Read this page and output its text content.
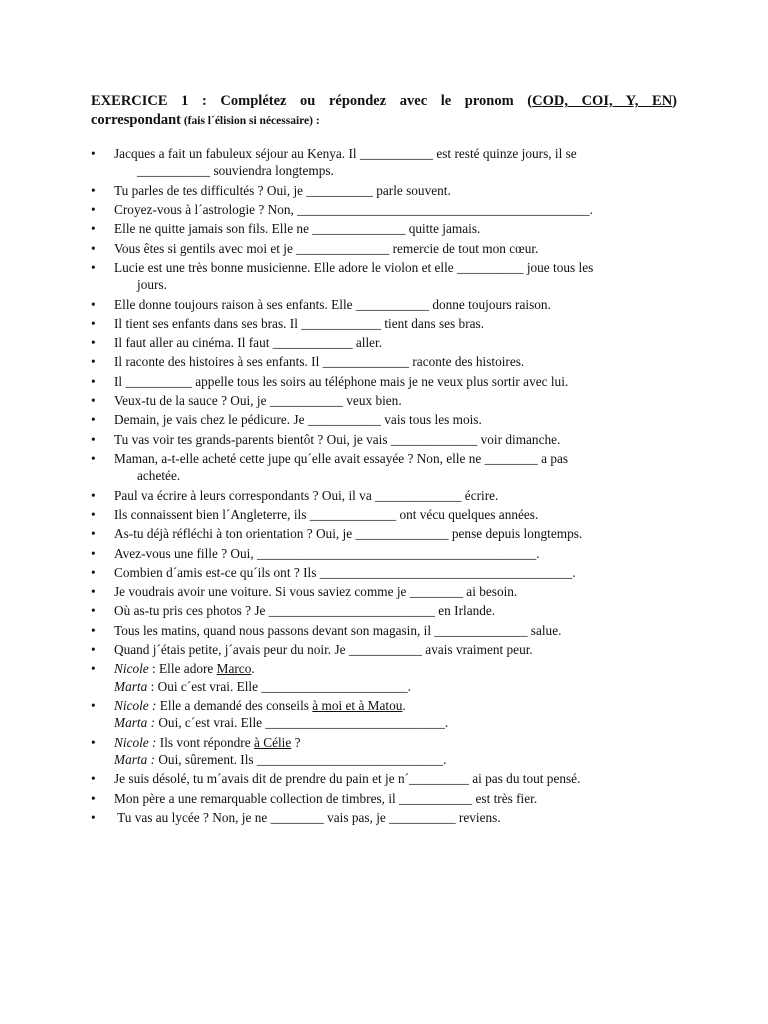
EXERCICE 1 : Complétez ou répondez avec le pronom (COD, COI, Y, EN)
correspondant (fais l´élision si nécessaire) :
•	Jacques a fait un fabuleux séjour au Kenya. Il ___________ est resté quinze jours, il se
___________ souviendra longtemps.
•	Tu parles de tes difficultés ? Oui, je __________ parle souvent.
•	Croyez-vous à l´astrologie ? Non, ____________________________________________.
•	Elle ne quitte jamais son fils. Elle ne ______________ quitte jamais.
•	Vous êtes si gentils avec moi et je ______________ remercie de tout mon cœur.
•	Lucie est une très bonne musicienne. Elle adore le violon et elle __________ joue tous les
jours.
•	Elle donne toujours raison à ses enfants. Elle ___________ donne toujours raison.
•	Il tient ses enfants dans ses bras. Il ____________ tient dans ses bras.
•	Il faut aller au cinéma. Il faut ____________ aller.
•	Il raconte des histoires à ses enfants. Il _____________ raconte des histoires.
•	Il __________ appelle tous les soirs au téléphone mais je ne veux plus sortir avec lui.
•	Veux-tu de la sauce ? Oui, je ___________ veux bien.
•	Demain, je vais chez le pédicure. Je ___________ vais tous les mois.
•	Tu vas voir tes grands-parents bientôt ? Oui, je vais _____________ voir dimanche.
•	Maman, a-t-elle acheté cette jupe qu´elle avait essayée ? Non, elle ne ________ a pas
achetée.
•	Paul va écrire à leurs correspondants ? Oui, il va _____________ écrire.
•	Ils connaissent bien l´Angleterre, ils _____________ ont vécu quelques années.
•	As-tu déjà réfléchi à ton orientation ? Oui, je ______________ pense depuis longtemps.
•	Avez-vous une fille ? Oui, __________________________________________.
•	Combien d´amis est-ce qu´ils ont ? Ils ______________________________________.
•	Je voudrais avoir une voiture. Si vous saviez comme je ________ ai besoin.
•	Où as-tu pris ces photos ? Je _________________________ en Irlande.
•	Tous les matins, quand nous passons devant son magasin, il ______________ salue.
•	Quand j´étais petite, j´avais peur du noir. Je ___________ avais vraiment peur.
•	Nicole : Elle adore Marco.
Marta : Oui c´est vrai. Elle ______________________.
•	Nicole : Elle a demandé des conseils à moi et à Matou.
Marta : Oui, c´est vrai. Elle ___________________________.
•	Nicole : Ils vont répondre à Célie ?
Marta : Oui, sûrement. Ils ____________________________.
•	Je suis désolé, tu m´avais dit de prendre du pain et je n´_________ ai pas du tout pensé.
•	Mon père a une remarquable collection de timbres, il ___________ est très fier.
•	Tu vas au lycée ? Non, je ne ________ vais pas, je __________ reviens.
